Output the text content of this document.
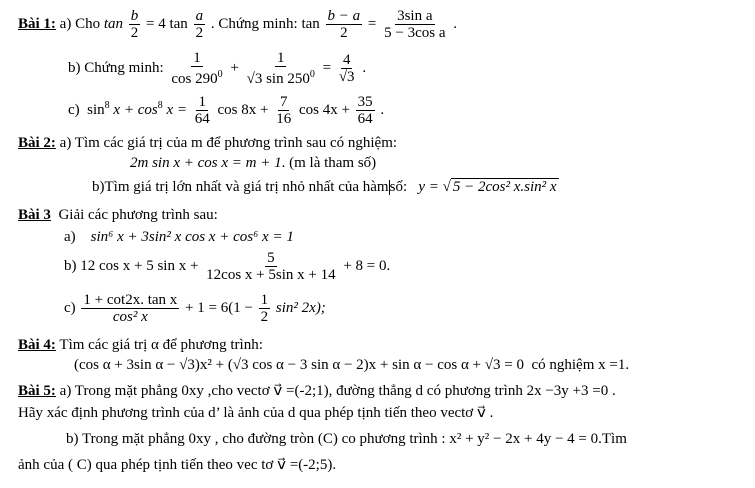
Bài 1: a) Cho $\tan \frac{b}{2} = 4$ $\tan \frac{a}{2}$ . Chứng minh: $\tan \frac{b - a}{2} = \frac{\text{3sin a}}{\text{5 − 3cos a}}$ .
b) Chứng minh: $\frac{1}{\cos 290^0} + \frac{1}{√3 \sin 250^0} = \frac{4}{√3}$ .
c) $\sin^8 x + \cos^8 x = \frac{1}{64}$ $\cos 8x + \frac{7}{16}$ $\cos 4x + \frac{35}{64}$ .
Bài 2: a) Tìm các giá trị của m để phương trình sau có nghiệm:
2m sin x + cos x = m + 1. (m là tham số)
b)Tìm giá trị lớn nhất và giá trị nhỏ nhất của hàmsố: y = √ 5 − 2cos² x.sin² x
Bài 3 Giải các phương trình sau:
a) sin⁶ x + 3sin² x cos x + cos⁶ x = 1
b) 12 cos x + 5 $\sin x + \frac{5}{\text{12cos x + 5sin x + 14}} + 8 = 0$.
$c) \frac{\text{1 + cot2x. tan x}}{\text{cos² x}} + 1 = 6(1 - \frac{1}{2} \sin^2$ 2x);
Bài 4: Tìm các giá trị α để phương trình:
(cos α + 3sin α − √3)x² + (√3 cos α − 3 sin α − 2)x + sin α − cos α + √3 = 0 có nghiệm x =1.
Bài 5: a) Trong mặt phẳng 0xy ,cho vectơ v⃗ =(-2;1), đường thẳng d có phương trình 2x −3y +3 =0 .
Hãy xác định phương trình của d’ là ảnh của d qua phép tịnh tiến theo vectơ v⃗ .
b) Trong mặt phẳng 0xy , cho đường tròn (C) co phương trình : x² + y² − 2x + 4y − 4 = 0.Tìm
ảnh của ( C) qua phép tịnh tiến theo vec tơ v⃗ =(-2;5).
